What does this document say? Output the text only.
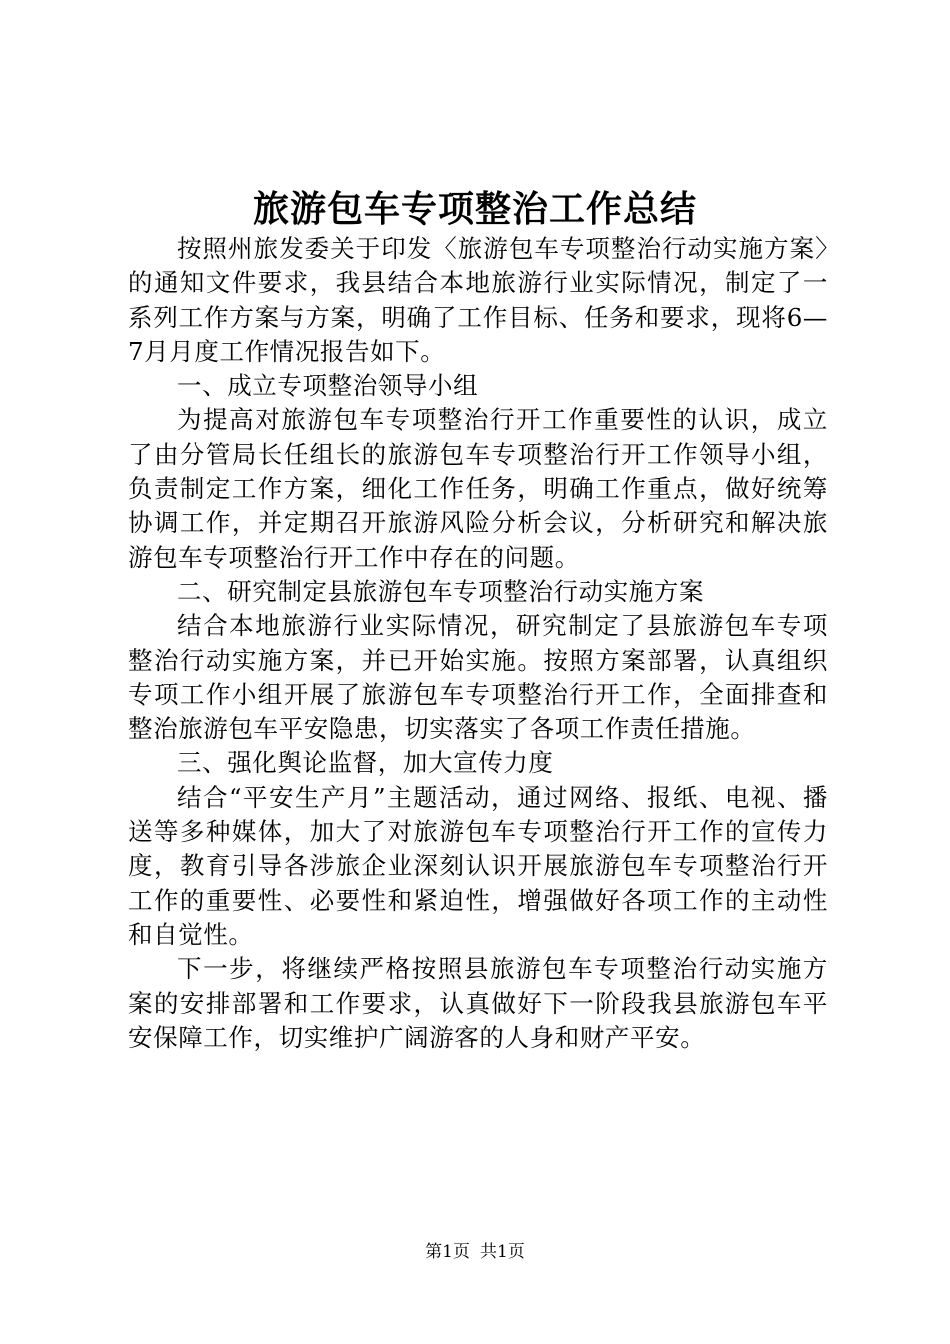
旅游包车专项整治工作总结

按照州旅发委关于印发〈旅游包车专项整治行动实施方案〉的通知文件要求，我县结合本地旅游行业实际情况，制定了一系列工作方案与方案，明确了工作目标、任务和要求，现将6—7月月度工作情况报告如下。

一、成立专项整治领导小组

为提高对旅游包车专项整治行开工作重要性的认识，成立了由分管局长任组长的旅游包车专项整治行开工作领导小组，负责制定工作方案，细化工作任务，明确工作重点，做好统筹协调工作，并定期召开旅游风险分析会议，分析研究和解决旅游包车专项整治行开工作中存在的问题。

二、研究制定县旅游包车专项整治行动实施方案

结合本地旅游行业实际情况，研究制定了县旅游包车专项整治行动实施方案，并已开始实施。按照方案部署，认真组织专项工作小组开展了旅游包车专项整治行开工作，全面排查和整治旅游包车平安隐患，切实落实了各项工作责任措施。

三、强化舆论监督，加大宣传力度

结合“平安生产月”主题活动，通过网络、报纸、电视、播送等多种媒体，加大了对旅游包车专项整治行开工作的宣传力度，教育引导各涉旅企业深刻认识开展旅游包车专项整治行开工作的重要性、必要性和紧迫性，增强做好各项工作的主动性和自觉性。

下一步，将继续严格按照县旅游包车专项整治行动实施方案的安排部署和工作要求，认真做好下一阶段我县旅游包车平安保障工作，切实维护广阔游客的人身和财产平安。

第1页 共1页
